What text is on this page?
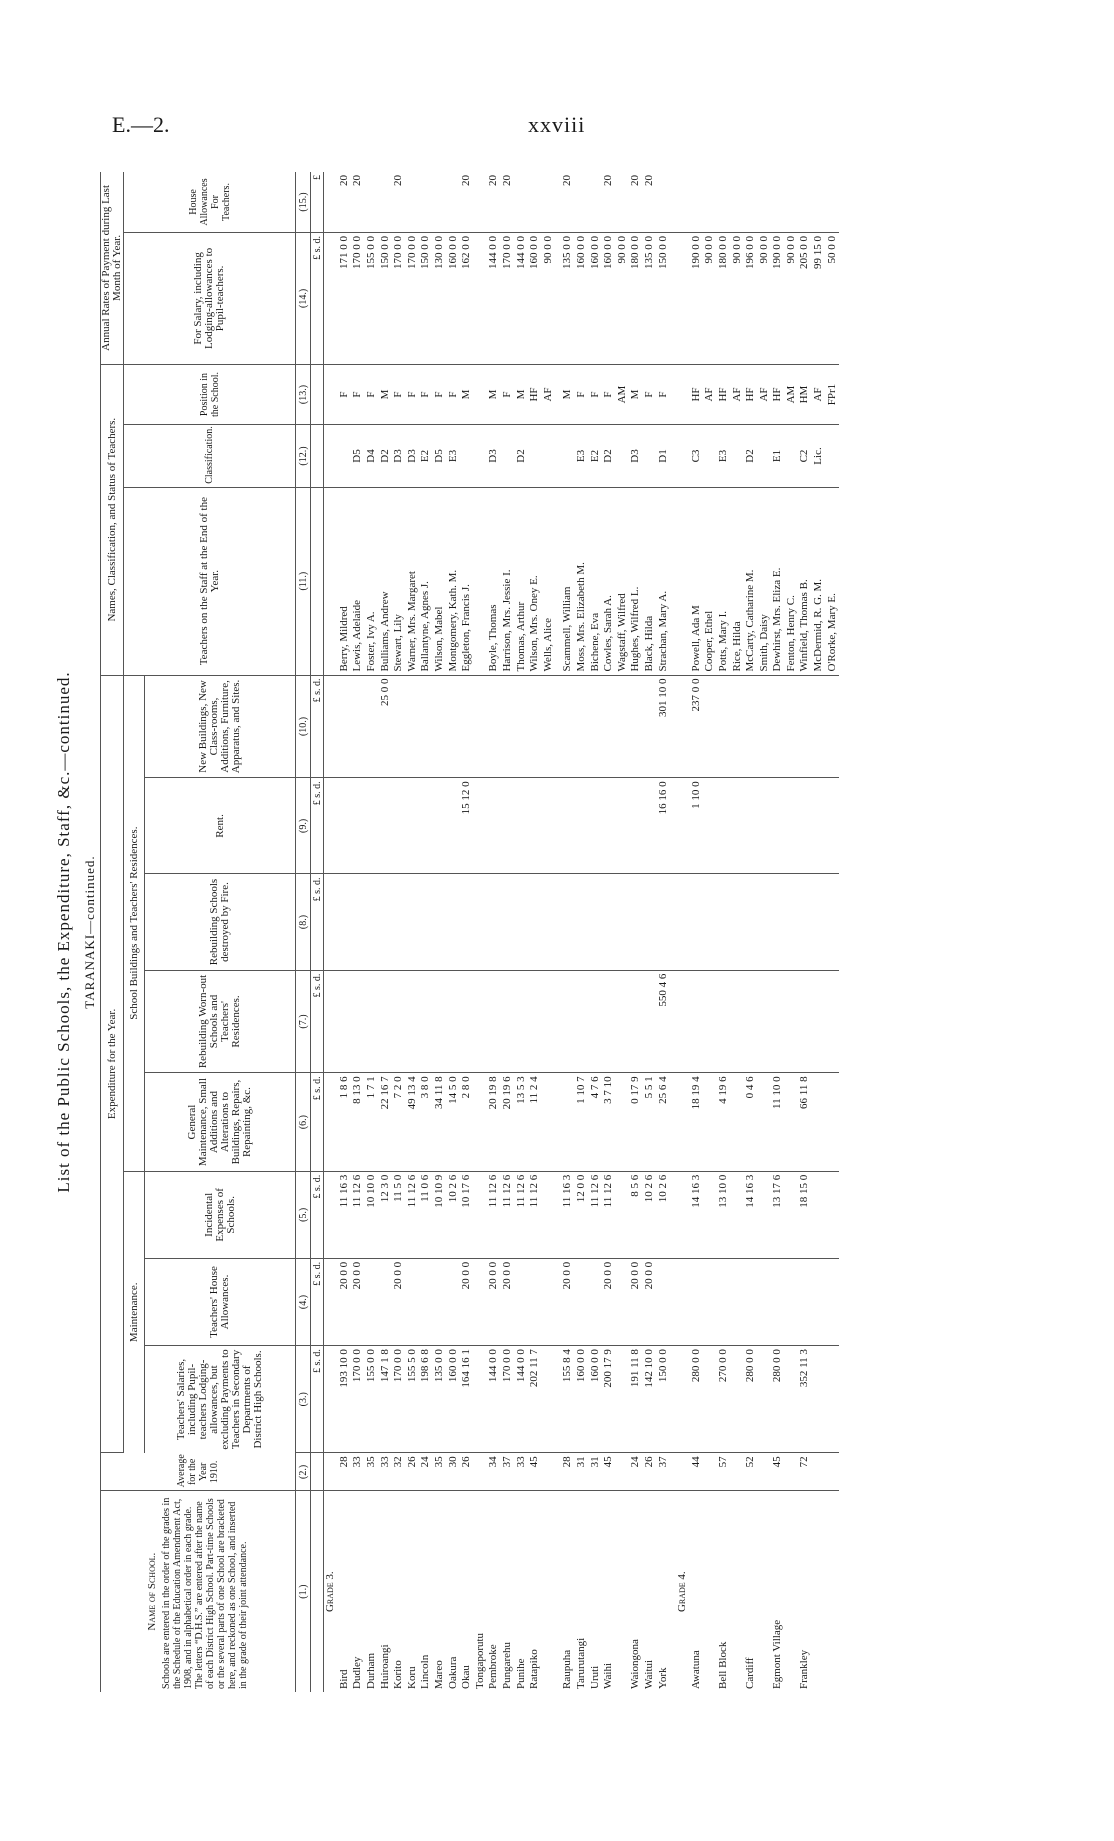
E.—2.	xxviii
List of the Public Schools, the Expenditure, Staff, &c.—continued. TARANAKI—continued.
Name of School. Schools are entered in the order of the grades in the Schedule of the Education Amendment Act, 1908, and in alphabetical order in each grade. The letters “D.H.S.” are entered after the name of each District High School. Part-time Schools or the several parts of one School are bracketed here, and reckoned as one School, and inserted in the grade of their joint attendance.	Average for the Year 1910.	Expenditure for the Year.								Names, Classification, and Status of Teachers.			Annual Rates of Payment during Last Month of Year.	
		Maintenance.			School Buildings and Teachers' Residences.					Teachers on the Staff at the End of the Year.	Classification.	Position in the School.	For Salary, including Lodging-allowances to Pupil-teachers.	House Allowances For Teachers.
		Teachers' Salaries, including Pupil-teachers Lodging-allowances, but excluding Payments to Teachers in Secondary Departments of District High Schools.	Teachers' House Allowances.	Incidental Expenses of Schools.	General Maintenance, Small Additions and Alterations to Buildings, Repairs, Repainting, &c.	Rebuilding Worn-out Schools and Teachers' Residences.	Rebuilding Schools destroyed by Fire.	Rent.	New Buildings, New Class-rooms, Additions, Furniture, Apparatus, and Sites.					
(1.)	(2.)	(3.)	(4.)	(5.)	(6.)	(7.)	(8.)	(9.)	(10.)	(11.)	(12.)	(13.)	(14.)	(15.)
		£ s. d.	£ s. d.	£ s. d.	£ s. d.	£ s. d.	£ s. d.	£ s. d.	£ s. d.				£ s. d.	£
Grade 3.														
Bird	28	193 10 0	20 0 0	11 16 3	1 8 6					Berry, Mildred		F	171 0 0	20
Dudley	33	170 0 0	20 0 0	11 12 6	8 13 0					Lewis, Adelaide	D5	F	170 0 0	20
Durham	35	155 0 0		10 10 0	1 7 1					Foster, Ivy A.	D4	F	155 0 0	
Huiroangi	33	147 1 8		12 3 0	22 16 7				25 0 0	Bulliams, Andrew	D2	M	150 0 0	
Korito	32	170 0 0	20 0 0	11 5 0	7 2 0					Stewart, Lily	D3	F	170 0 0	20
Koru	26	155 5 0		11 12 6	49 13 4					Warner, Mrs. Margaret	D3	F	170 0 0	
Lincoln	24	198 6 8		11 0 6	3 8 0					Ballantyne, Agnes J.	E2	F	150 0 0	
Mareo	35	135 0 0		10 10 9	34 11 8					Wilson, Mabel	D5	F	130 0 0	
Oakura	30	160 0 0		10 2 6	14 5 0					Montgomery, Kath. M.	E3	F	160 0 0	
Okau	26	164 16 1	20 0 0	10 17 6	2 8 0			15 12 0		Eggleton, Francis J.		M	162 0 0	20
Tongaporutu														
Pembroke	34	144 0 0	20 0 0	11 12 6	20 19 8					Boyle, Thomas	D3	M	144 0 0	20
Pungarehu	37	170 0 0	20 0 0	11 12 6	20 19 6					Harrison, Mrs. Jessie I.		F	170 0 0	20
Punihe	33	144 0 0		11 12 6	13 5 3					Thomas, Arthur	D2	M	144 0 0	
Ratapiko	45	202 11 7		11 12 6	11 2 4					Wilson, Mrs. Oney E.		HF	160 0 0	
										Wells, Alice		AF	90 0 0	

Raupuha	28	155 8 4	20 0 0	11 16 3						Scammell, William		M	135 0 0	20
Tarurutangi	31	160 0 0		12 0 0	1 10 7					Moss, Mrs. Elizabeth M.	E3	F	160 0 0	
Uruti	31	160 0 0		11 12 6	4 7 6					Bichene, Eva	E2	F	160 0 0	
Waihi	45	200 17 9	20 0 0	11 12 6	3 7 10					Cowles, Sarah A.	D2	F	160 0 0	20
										Wagstaff, Wilfred		AM	90 0 0	
Waiongona	24	191 11 8	20 0 0	8 5 6	0 17 9					Hughes, Wilfred L.	D3	M	180 0 0	20
Waitui	26	142 10 0	20 0 0	10 2 6	5 5 1					Black, Hilda		F	135 0 0	20
York	37	150 0 0		10 2 6	25 6 4	550 4 6		16 16 0	301 10 0	Strachan, Mary A.	D1	F	150 0 0	

Grade 4.														
Awatuna	44	280 0 0		14 16 3	18 19 4			1 10 0	237 0 0	Powell, Ada M	C3	HF	190 0 0	
										Cooper, Ethel		AF	90 0 0	
Bell Block	57	270 0 0		13 10 0	4 19 6					Potts, Mary I.	E3	HF	180 0 0	
										Rice, Hilda		AF	90 0 0	
Cardiff	52	280 0 0		14 16 3	0 4 6					McCarty, Catharine M.	D2	HF	196 0 0	
										Smith, Daisy		AF	90 0 0	
Egmont Village	45	280 0 0		13 17 6	11 10 0					Dewhirst, Mrs. Eliza E.	E1	HF	190 0 0	
										Fenton, Henry C.		AM	90 0 0	
Frankley	72	352 11 3		18 15 0	66 11 8					Winfield, Thomas B.	C2	HM	205 0 0	
										McDermid, R. G. M.	Lic.	AF	99 15 0	
										O'Rorke, Mary E.		FPr1	50 0 0	
